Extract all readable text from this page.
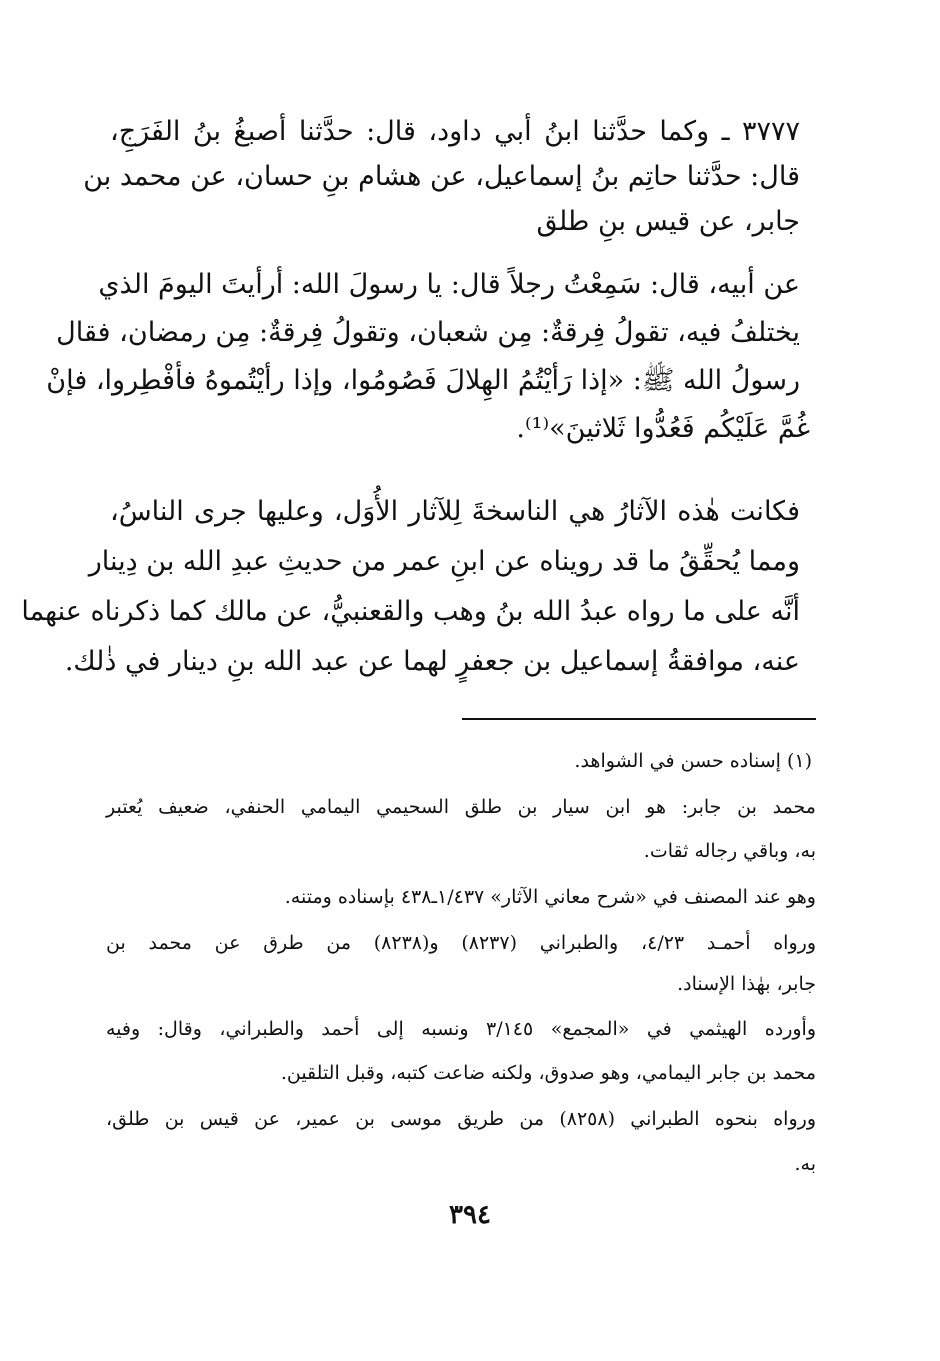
٣٧٧٧ ـ وكما حدَّثنا ابنُ أبي داود، قال: حدَّثنا أصبغُ بنُ الفَرَجِ،
قال: حدَّثنا حاتِم بنُ إسماعيل، عن هشام بنِ حسان، عن محمد بن
جابر، عن قيس بنِ طلق
عن أبيه، قال: سَمِعْتُ رجلاً قال: يا رسولَ الله: أرأيتَ اليومَ الذي
يختلفُ فيه، تقولُ فِرقةٌ: مِن شعبان، وتقولُ فِرقةٌ: مِن رمضان، فقال
رسولُ الله ﷺ: «إذا رَأيْتُمُ الهِلالَ فَصُومُوا، وإذا رأيْتُموهُ فأفْطِروا، فإنْ
غُمَّ عَلَيْكُم فَعُدُّوا ثَلاثينَ»⁽¹⁾.
فكانت هٰذه الآثارُ هي الناسخةَ لِلآثار الأُوَل، وعليها جرى الناسُ،
ومما يُحقِّقُ ما قد رويناه عن ابنِ عمر من حديثِ عبدِ الله بن دِينار
أنَّه على ما رواه عبدُ الله بنُ وهب والقعنبيُّ، عن مالك كما ذكرناه عنهما
عنه، موافقةُ إسماعيل بن جعفرٍ لهما عن عبد الله بنِ دينار في ذٰلك.
(١) إسناده حسن في الشواهد.
محمد بن جابر: هو ابن سيار بن طلق السحيمي اليمامي الحنفي، ضعيف يُعتبر
به، وباقي رجاله ثقات.
وهو عند المصنف في «شرح معاني الآثار» ١/٤٣٧ـ٤٣٨ بإسناده ومتنه.
ورواه أحمـد ٤/٢٣، والطبراني (٨٢٣٧) و(٨٢٣٨) من طرق عن محمد بن
جابر، بهٰذا الإسناد.
وأورده الهيثمي في «المجمع» ٣/١٤٥ ونسبه إلى أحمد والطبراني، وقال: وفيه
محمد بن جابر اليمامي، وهو صدوق، ولكنه ضاعت كتبه، وقبل التلقين.
ورواه بنحوه الطبراني (٨٢٥٨) من طريق موسى بن عمير، عن قيس بن طلق،
به.
٣٩٤
